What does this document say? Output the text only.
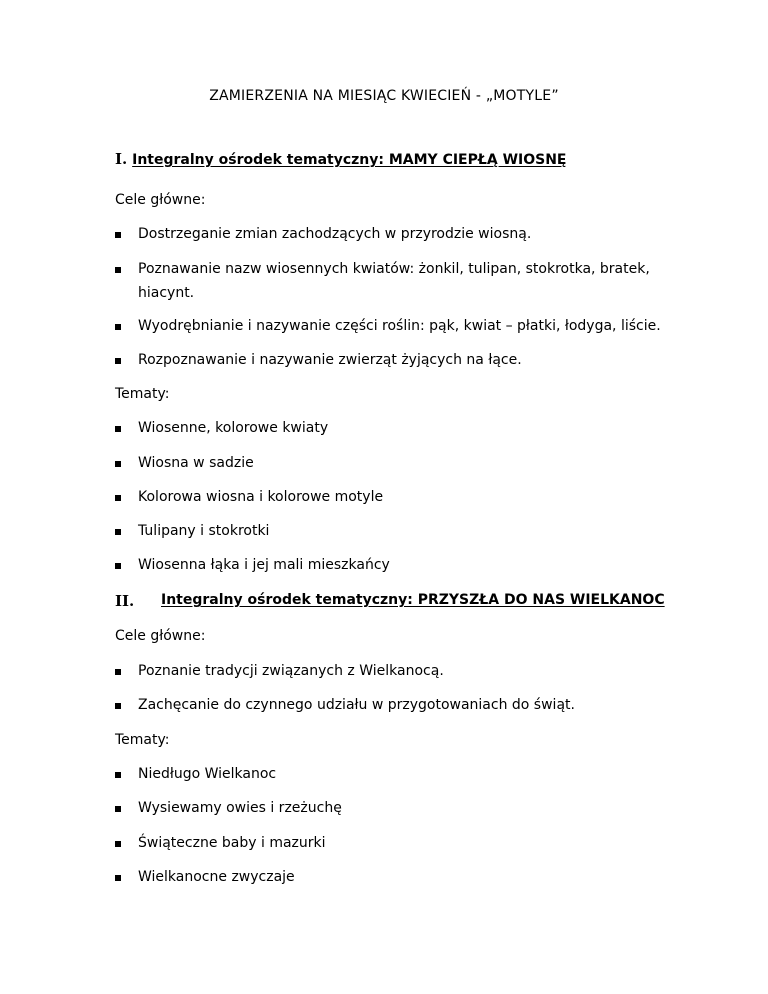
ZAMIERZENIA NA MIESIĄC KWIECIEŃ - „MOTYLE”
I. Integralny ośrodek tematyczny: MAMY CIEPŁĄ WIOSNĘ
Cele główne:
Dostrzeganie zmian zachodzących w przyrodzie wiosną.
Poznawanie nazw wiosennych kwiatów: żonkil, tulipan, stokrotka, bratek,
hiacynt.
Wyodrębnianie i nazywanie części roślin: pąk, kwiat – płatki, łodyga, liście.
Rozpoznawanie i nazywanie zwierząt żyjących na łące.
Tematy:
Wiosenne, kolorowe kwiaty
Wiosna w sadzie
Kolorowa wiosna i kolorowe motyle
Tulipany i stokrotki
Wiosenna łąka i jej mali mieszkańcy
II. Integralny ośrodek tematyczny: PRZYSZŁA DO NAS WIELKANOC
Cele główne:
Poznanie tradycji związanych z Wielkanocą.
Zachęcanie do czynnego udziału w przygotowaniach do świąt.
Tematy:
Niedługo Wielkanoc
Wysiewamy owies i rzeżuchę
Świąteczne baby i mazurki
Wielkanocne zwyczaje
